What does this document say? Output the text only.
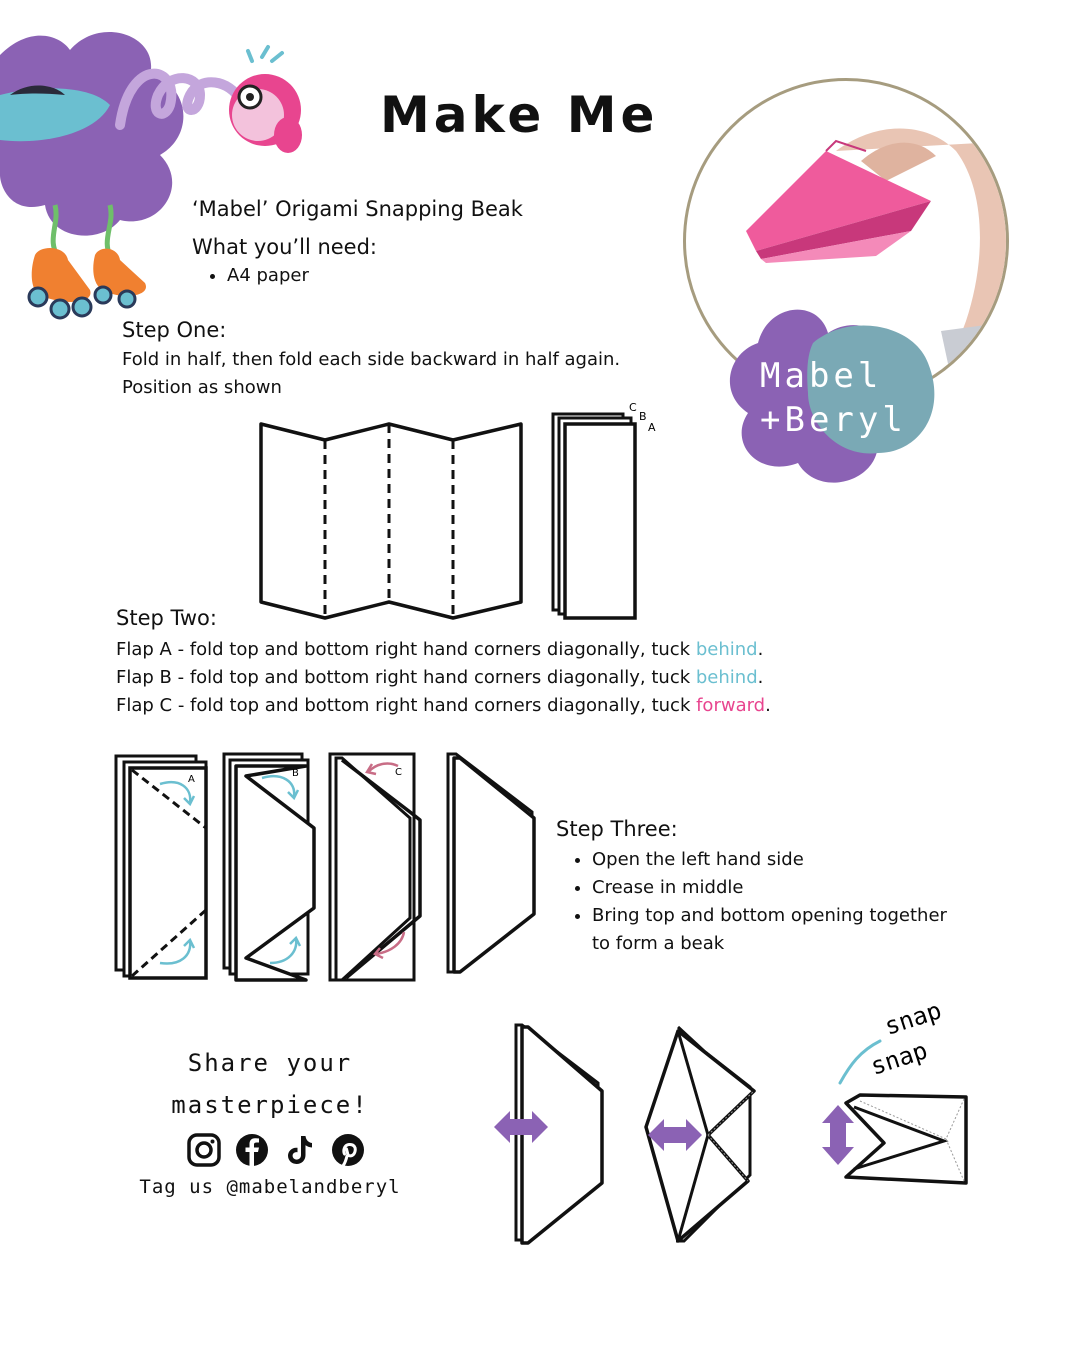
Make Me
‘Mabel’ Origami Snapping Beak
What you’ll need:
• A4 paper
Mabel
+Beryl
Step One:
Fold in half, then fold each side backward in half again.
Position as shown
C
B
A
Step Two:
Flap A - fold top and bottom right hand corners diagonally, tuck behind.
Flap B - fold top and bottom right hand corners diagonally, tuck behind.
Flap C - fold top and bottom right hand corners diagonally, tuck forward.
A
B	C
Step Three:
• Open the left hand side
• Crease in middle
• Bring top and bottom opening together to form a beak
Share your
masterpiece!
Tag us @mabelandberyl
snap
snap
